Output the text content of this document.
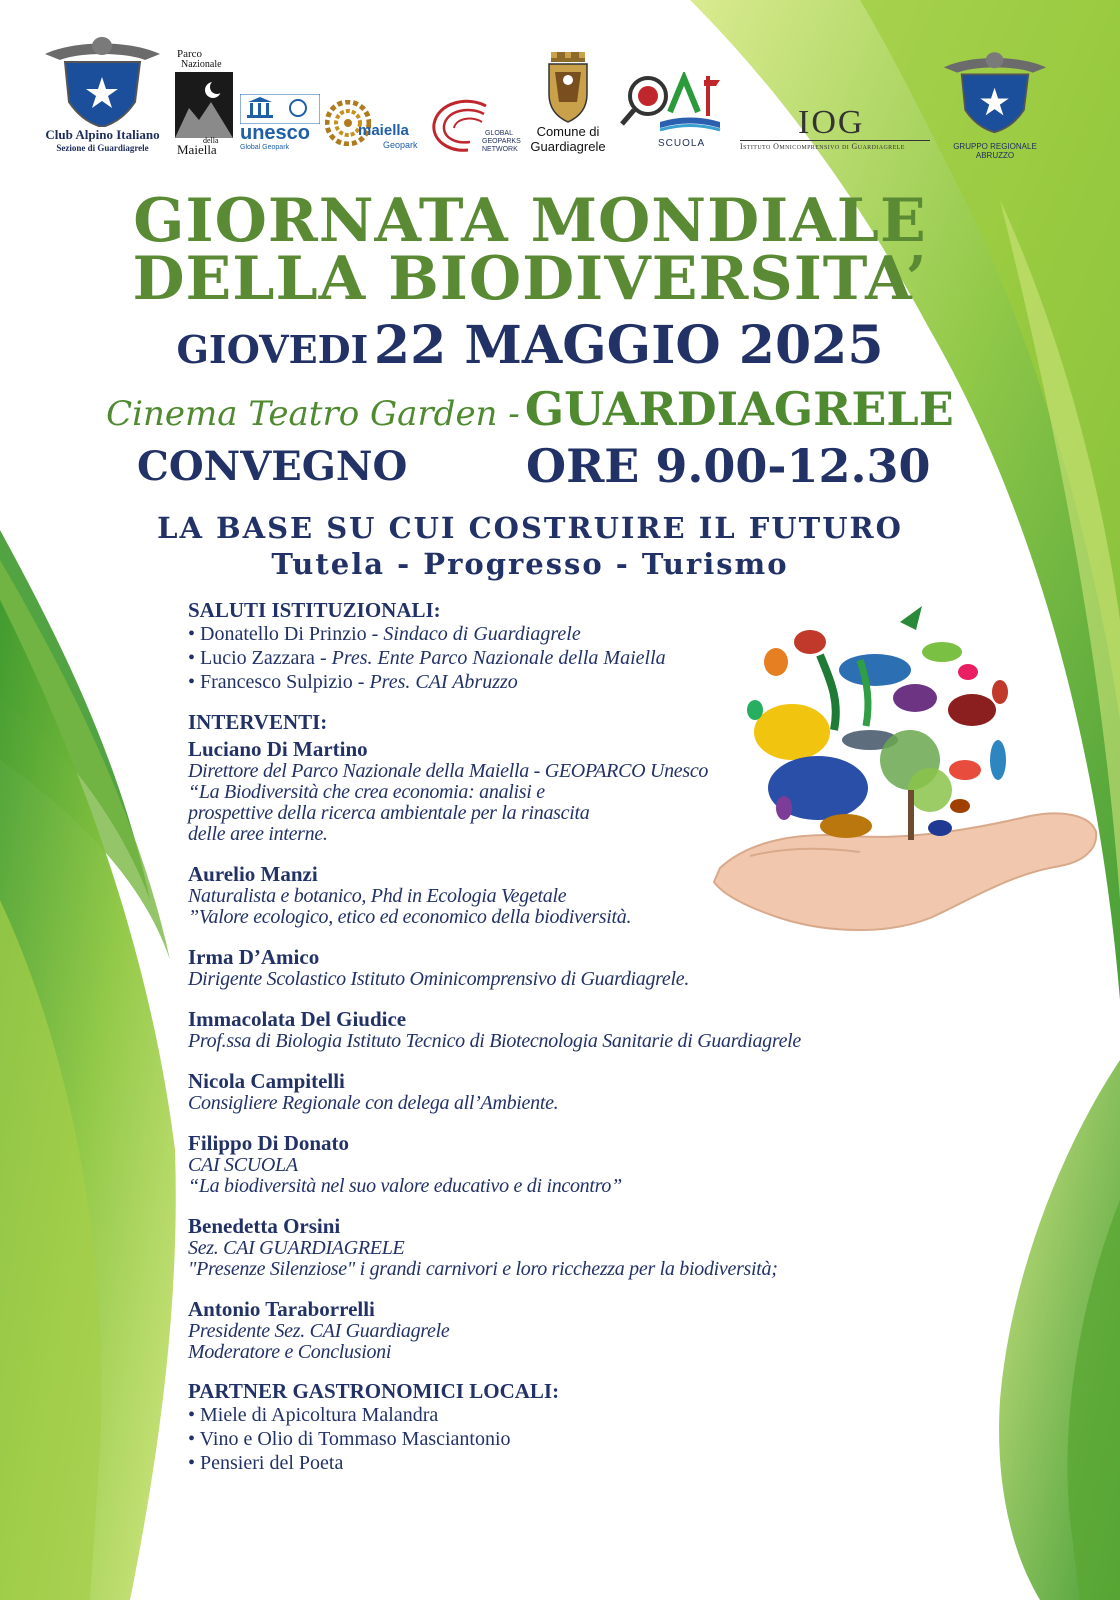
Club Alpino Italiano
Sezione di Guardiagrele
Parco
Nazionale
della
Maiella
unesco
Global Geopark
maiella
Geopark
GLOBAL
GEOPARKS
NETWORK
Comune di
Guardiagrele	SCUOLA
IOG
Istituto Omnicomprensivo di Guardiagrele	GRUPPO REGIONALE ABRUZZO
GIORNATA MONDIALE
DELLA BIODIVERSITA’
GIOVEDI 22 MAGGIO 2025
Cinema Teatro Garden - GUARDIAGRELE
CONVEGNO	ORE 9.00-12.30
LA BASE SU CUI COSTRUIRE IL FUTURO
Tutela - Progresso - Turismo
SALUTI ISTITUZIONALI:
• Donatello Di Prinzio - Sindaco di Guardiagrele
• Lucio Zazzara - Pres. Ente Parco Nazionale della Maiella
• Francesco Sulpizio - Pres. CAI Abruzzo
INTERVENTI:
Luciano Di Martino
Direttore del Parco Nazionale della Maiella - GEOPARCO Unesco
“La Biodiversità che crea economia: analisi e
prospettive della ricerca ambientale per la rinascita
delle aree interne.
Aurelio Manzi
Naturalista e botanico, Phd in Ecologia Vegetale
”Valore ecologico, etico ed economico della biodiversità.
Irma D’Amico
Dirigente Scolastico Istituto Ominicomprensivo di Guardiagrele.
Immacolata Del Giudice
Prof.ssa di Biologia Istituto Tecnico di Biotecnologia Sanitarie di Guardiagrele
Nicola Campitelli
Consigliere Regionale con delega all’Ambiente.
Filippo Di Donato
CAI SCUOLA
“La biodiversità nel suo valore educativo e di incontro”
Benedetta Orsini
Sez. CAI GUARDIAGRELE
"Presenze Silenziose" i grandi carnivori e loro ricchezza per la biodiversità;
Antonio Taraborrelli
Presidente Sez. CAI Guardiagrele
Moderatore e Conclusioni
PARTNER GASTRONOMICI LOCALI:
• Miele di Apicoltura Malandra
• Vino e Olio di Tommaso Masciantonio
• Pensieri del Poeta
